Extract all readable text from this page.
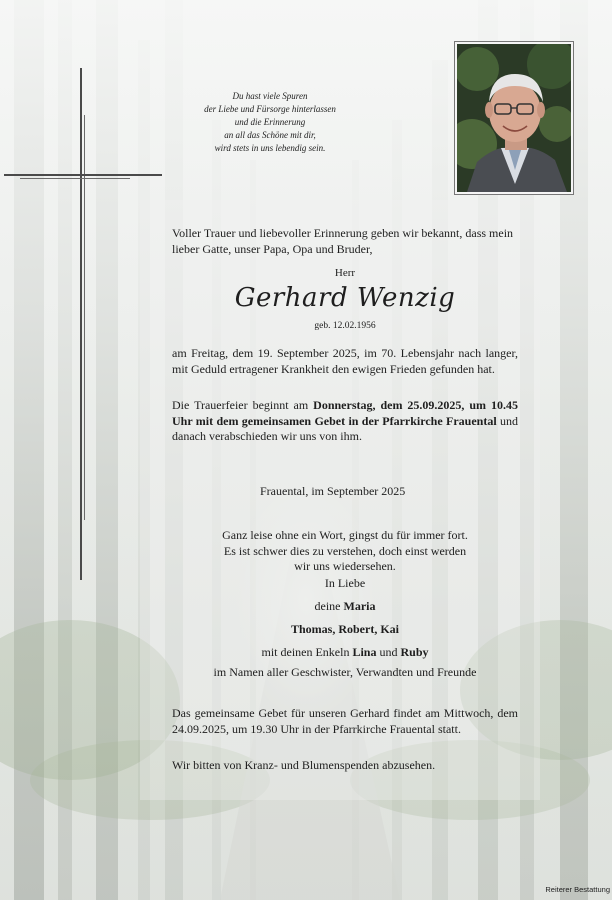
Du hast viele Spuren
der Liebe und Fürsorge hinterlassen
und die Erinnerung
an all das Schöne mit dir,
wird stets in uns lebendig sein.
Voller Trauer und liebevoller Erinnerung geben wir bekannt, dass mein lieber Gatte, unser Papa, Opa und Bruder,
Herr
Gerhard Wenzig
geb. 12.02.1956
am Freitag, dem 19. September 2025, im 70. Lebensjahr nach langer, mit Geduld ertragener Krankheit den ewigen Frieden gefunden hat.
Die Trauerfeier beginnt am Donnerstag, dem 25.09.2025, um 10.45 Uhr mit dem gemeinsamen Gebet in der Pfarrkirche Frauental und danach verabschieden wir uns von ihm.
Frauental, im September 2025
Ganz leise ohne ein Wort, gingst du für immer fort.
Es ist schwer dies zu verstehen, doch einst werden
wir uns wiedersehen.
In Liebe
deine Maria
Thomas, Robert, Kai
mit deinen Enkeln Lina und Ruby
im Namen aller Geschwister, Verwandten und Freunde
Das gemeinsame Gebet für unseren Gerhard findet am Mittwoch, dem 24.09.2025, um 19.30 Uhr in der Pfarrkirche Frauental statt.
Wir bitten von Kranz- und Blumenspenden abzusehen.
Reiterer Bestattung
